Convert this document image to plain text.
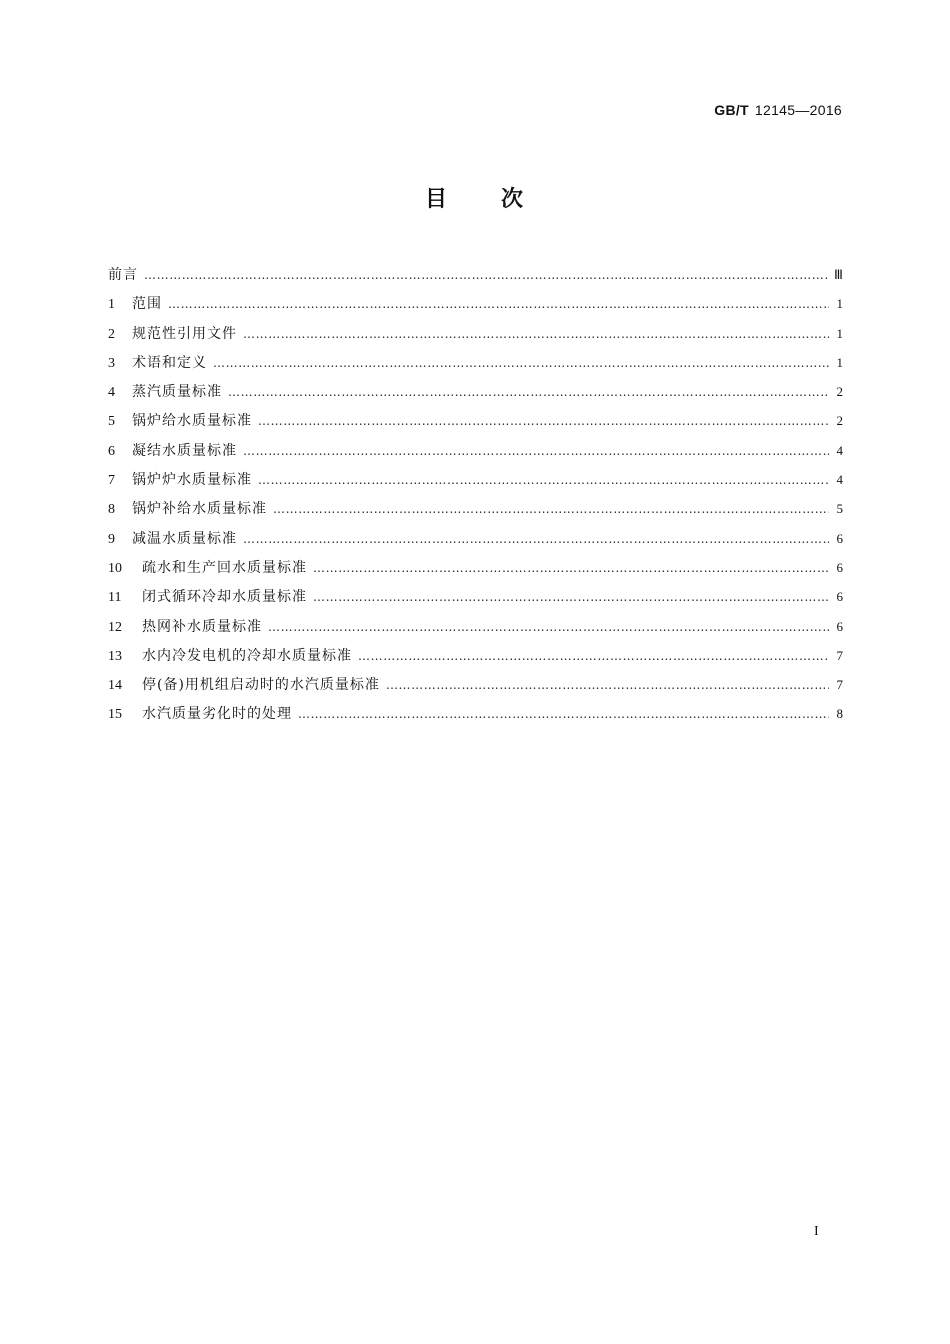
GB/T 12145—2016
目 次
前言 …………………………………………………………………………………………………………………………………………………………………………………………………………………………	Ⅲ
1	范围 …………………………………………………………………………………………………………………………………………………………………………………………………………………………	1
2	规范性引用文件 …………………………………………………………………………………………………………………………………………………………………………………………………………………………	1
3	术语和定义 …………………………………………………………………………………………………………………………………………………………………………………………………………………………	1
4	蒸汽质量标准 …………………………………………………………………………………………………………………………………………………………………………………………………………………………	2
5	锅炉给水质量标准 …………………………………………………………………………………………………………………………………………………………………………………………………………………………	2
6	凝结水质量标准 …………………………………………………………………………………………………………………………………………………………………………………………………………………………	4
7	锅炉炉水质量标准 …………………………………………………………………………………………………………………………………………………………………………………………………………………………	4
8	锅炉补给水质量标准 …………………………………………………………………………………………………………………………………………………………………………………………………………………………	5
9	减温水质量标准 …………………………………………………………………………………………………………………………………………………………………………………………………………………………	6
10	疏水和生产回水质量标准 …………………………………………………………………………………………………………………………………………………………………………………………………………………………	6
11	闭式循环冷却水质量标准 …………………………………………………………………………………………………………………………………………………………………………………………………………………………	6
12	热网补水质量标准 …………………………………………………………………………………………………………………………………………………………………………………………………………………………	6
13	水内冷发电机的冷却水质量标准 …………………………………………………………………………………………………………………………………………………………………………………………………………………………	7
14	停(备)用机组启动时的水汽质量标准 …………………………………………………………………………………………………………………………………………………………………………………………………………………………	7
15	水汽质量劣化时的处理 …………………………………………………………………………………………………………………………………………………………………………………………………………………………	8
I
